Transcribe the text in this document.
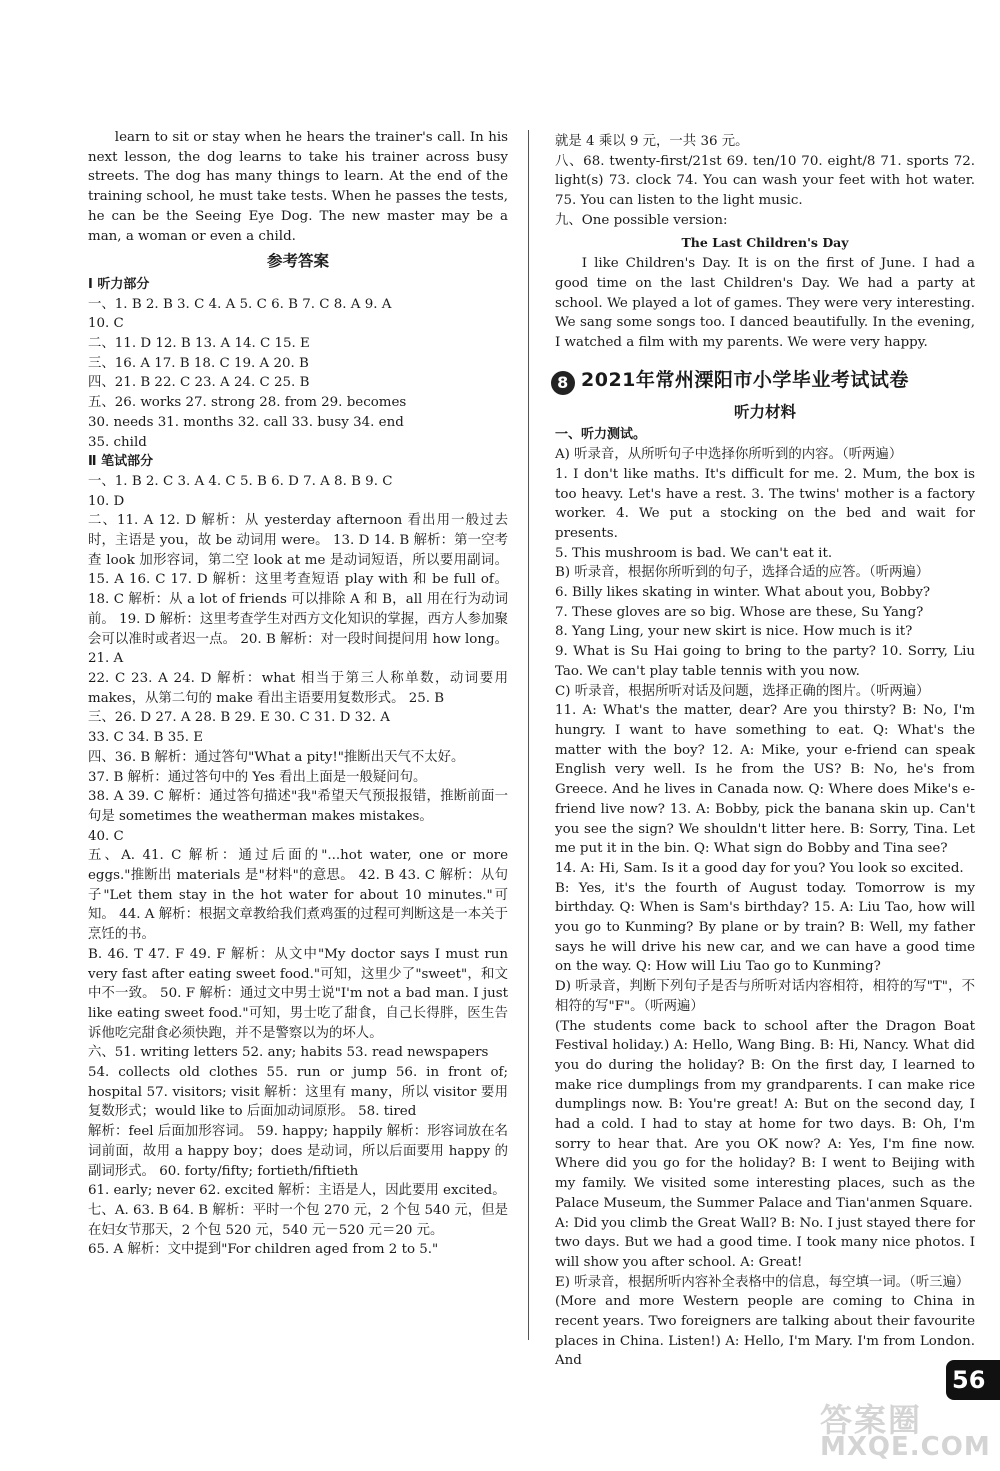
learn to sit or stay when he hears the trainer's call. In his next lesson, the dog learns to take his trainer across busy streets. The dog has many things to learn. At the end of the training school, he must take tests. When he passes the tests, he can be the Seeing Eye Dog. The new master may be a man, a woman or even a child.

参考答案

Ⅰ 听力部分

一、1. B 2. B 3. C 4. A 5. C 6. B 7. C 8. A 9. A

10. C

二、11. D 12. B 13. A 14. C 15. E

三、16. A 17. B 18. C 19. A 20. B

四、21. B 22. C 23. A 24. C 25. B

五、26. works 27. strong 28. from 29. becomes

30. needs 31. months 32. call 33. busy 34. end

35. child

Ⅱ 笔试部分

一、1. B 2. C 3. A 4. C 5. B 6. D 7. A 8. B 9. C

10. D

二、11. A 12. D 解析：从 yesterday afternoon 看出用一般过去时，主语是 you，故 be 动词用 were。 13. D 14. B 解析：第一空考查 look 加形容词，第二空 look at me 是动词短语，所以要用副词。 15. A 16. C 17. D 解析：这里考查短语 play with 和 be full of。 18. C 解析：从 a lot of friends 可以排除 A 和 B，all 用在行为动词前。 19. D 解析：这里考查学生对西方文化知识的掌握，西方人参加聚会可以准时或者迟一点。 20. B 解析：对一段时间提问用 how long。 21. A

22. C 23. A 24. D 解析：what 相当于第三人称单数，动词要用 makes，从第二句的 make 看出主语要用复数形式。 25. B

三、26. D 27. A 28. B 29. E 30. C 31. D 32. A

33. C 34. B 35. E

四、36. B 解析：通过答句"What a pity!"推断出天气不太好。

37. B 解析：通过答句中的 Yes 看出上面是一般疑问句。

38. A 39. C 解析：通过答句描述"我"希望天气预报报错，推断前面一句是 sometimes the weatherman makes mistakes。

40. C

五、A. 41. C 解析：通过后面的"...hot water, one or more eggs."推断出 materials 是"材料"的意思。 42. B 43. C 解析：从句子"Let them stay in the hot water for about 10 minutes."可知。 44. A 解析：根据文章教给我们煮鸡蛋的过程可判断这是一本关于烹饪的书。

B. 46. T 47. F 49. F 解析：从文中"My doctor says I must run very fast after eating sweet food."可知，这里少了"sweet"，和文中不一致。 50. F 解析：通过文中男士说"I'm not a bad man. I just like eating sweet food."可知，男士吃了甜食，自己长得胖，医生告诉他吃完甜食必须快跑，并不是警察以为的坏人。

六、51. writing letters 52. any; habits 53. read newspapers

54. collects old clothes 55. run or jump 56. in front of; hospital 57. visitors; visit 解析：这里有 many，所以 visitor 要用复数形式；would like to 后面加动词原形。 58. tired

解析：feel 后面加形容词。 59. happy; happily 解析：形容词放在名词前面，故用 a happy boy；does 是动词，所以后面要用 happy 的副词形式。 60. forty/fifty; fortieth/fiftieth

61. early; never 62. excited 解析：主语是人，因此要用 excited。

七、A. 63. B 64. B 解析：平时一个包 270 元，2 个包 540 元，但是在妇女节那天，2 个包 520 元，540 元－520 元＝20 元。

65. A 解析：文中提到"For children aged from 2 to 5."

就是 4 乘以 9 元，一共 36 元。

八、68. twenty-first/21st 69. ten/10 70. eight/8 71. sports 72. light(s) 73. clock 74. You can wash your feet with hot water. 75. You can listen to the light music.

九、One possible version:

The Last Children's Day

I like Children's Day. It is on the first of June. I had a good time on the last Children's Day. We had a party at school. We played a lot of games. They were very interesting. We sang some songs too. I danced beautifully. In the evening, I watched a film with my parents. We were very happy.

8 2021年常州溧阳市小学毕业考试试卷

听力材料

一、听力测试。

A) 听录音，从所听句子中选择你所听到的内容。（听两遍）

1. I don't like maths. It's difficult for me. 2. Mum, the box is too heavy. Let's have a rest. 3. The twins' mother is a factory worker. 4. We put a stocking on the bed and wait for presents.

5. This mushroom is bad. We can't eat it.

B) 听录音，根据你所听到的句子，选择合适的应答。（听两遍）

6. Billy likes skating in winter. What about you, Bobby?

7. These gloves are so big. Whose are these, Su Yang?

8. Yang Ling, your new skirt is nice. How much is it?

9. What is Su Hai going to bring to the party? 10. Sorry, Liu Tao. We can't play table tennis with you now.

C) 听录音，根据所听对话及问题，选择正确的图片。（听两遍）

11. A: What's the matter, dear? Are you thirsty? B: No, I'm hungry. I want to have something to eat. Q: What's the matter with the boy? 12. A: Mike, your e-friend can speak English very well. Is he from the US? B: No, he's from Greece. And he lives in Canada now. Q: Where does Mike's e-friend live now? 13. A: Bobby, pick the banana skin up. Can't you see the sign? We shouldn't litter here. B: Sorry, Tina. Let me put it in the bin. Q: What sign do Bobby and Tina see?

14. A: Hi, Sam. Is it a good day for you? You look so excited.

B: Yes, it's the fourth of August today. Tomorrow is my birthday. Q: When is Sam's birthday? 15. A: Liu Tao, how will you go to Kunming? By plane or by train? B: Well, my father says he will drive his new car, and we can have a good time on the way. Q: How will Liu Tao go to Kunming?

D) 听录音，判断下列句子是否与所听对话内容相符，相符的写"T"，不相符的写"F"。（听两遍）

(The students come back to school after the Dragon Boat Festival holiday.) A: Hello, Wang Bing. B: Hi, Nancy. What did you do during the holiday? B: On the first day, I learned to make rice dumplings from my grandparents. I can make rice dumplings now. B: You're great! A: But on the second day, I had a cold. I had to stay at home for two days. B: Oh, I'm sorry to hear that. Are you OK now? A: Yes, I'm fine now. Where did you go for the holiday? B: I went to Beijing with my family. We visited some interesting places, such as the Palace Museum, the Summer Palace and Tian'anmen Square.

A: Did you climb the Great Wall? B: No. I just stayed there for two days. But we had a good time. I took many nice photos. I will show you after school. A: Great!

E) 听录音，根据所听内容补全表格中的信息，每空填一词。（听三遍）

(More and more Western people are coming to China in recent years. Two foreigners are talking about their favourite places in China. Listen!) A: Hello, I'm Mary. I'm from London. And

56
答案圈
MXQE.COM
